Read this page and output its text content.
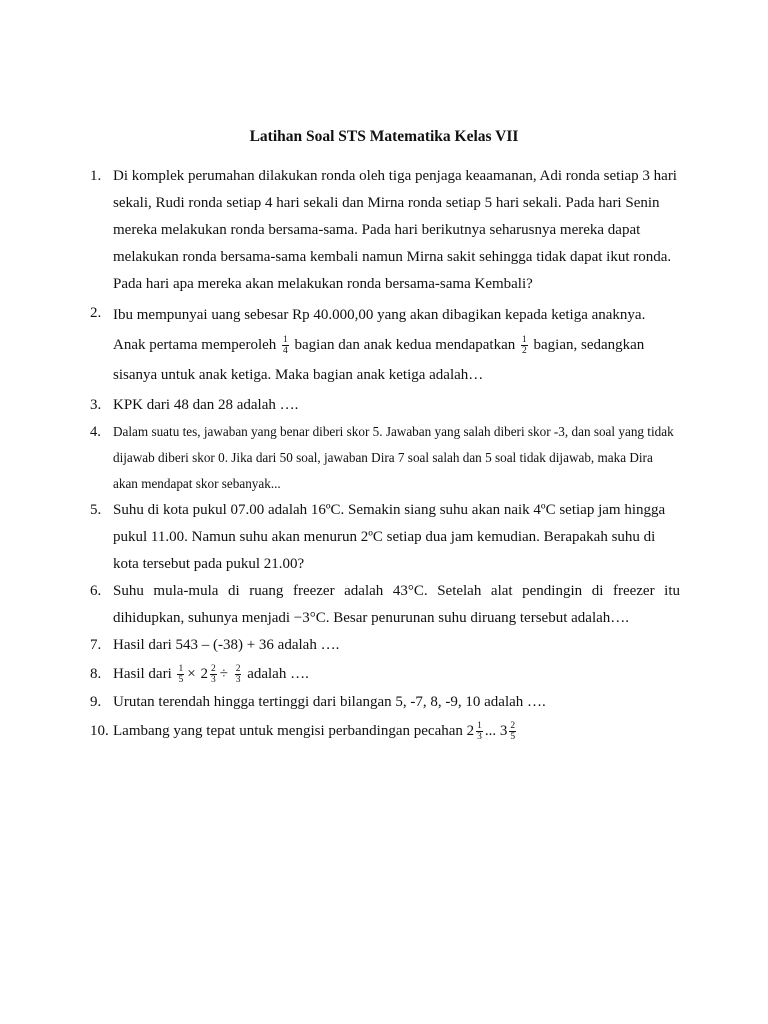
Latihan Soal STS Matematika Kelas VII
1. Di komplek perumahan dilakukan ronda oleh tiga penjaga keaamanan, Adi ronda setiap 3 hari sekali, Rudi ronda setiap 4 hari sekali dan Mirna ronda setiap 5 hari sekali. Pada hari Senin mereka melakukan ronda bersama-sama. Pada hari berikutnya seharusnya mereka dapat melakukan ronda bersama-sama kembali namun Mirna sakit sehingga tidak dapat ikut ronda. Pada hari apa mereka akan melakukan ronda bersama-sama Kembali?
2. Ibu mempunyai uang sebesar Rp 40.000,00 yang akan dibagikan kepada ketiga anaknya. Anak pertama memperoleh $\frac{1}{4}$ bagian dan anak kedua mendapatkan $\frac{1}{2}$ bagian, sedangkan sisanya untuk anak ketiga. Maka bagian anak ketiga adalah…
3. KPK dari 48 dan 28 adalah ….
4. Dalam suatu tes, jawaban yang benar diberi skor 5. Jawaban yang salah diberi skor -3, dan soal yang tidak dijawab diberi skor 0. Jika dari 50 soal, jawaban Dira 7 soal salah dan 5 soal tidak dijawab, maka Dira akan mendapat skor sebanyak...
5. Suhu di kota pukul 07.00 adalah 16ºC. Semakin siang suhu akan naik 4ºC setiap jam hingga pukul 11.00. Namun suhu akan menurun 2ºC setiap dua jam kemudian. Berapakah suhu di kota tersebut pada pukul 21.00?
6. Suhu mula-mula di ruang freezer adalah 43°C. Setelah alat pendingin di freezer itu dihidupkan, suhunya menjadi −3°C. Besar penurunan suhu diruang tersebut adalah….
7. Hasil dari 543 – (-38) + 36 adalah ….
8. Hasil dari $\frac{1}{5} \times 2 \frac{2}{3} \div \frac{2}{3}$ adalah ….
9. Urutan terendah hingga tertinggi dari bilangan 5, -7, 8, -9, 10 adalah ….
10. Lambang yang tepat untuk mengisi perbandingan pecahan $2 \frac{1}{3}$ ... $3 \frac{2}{5}$
